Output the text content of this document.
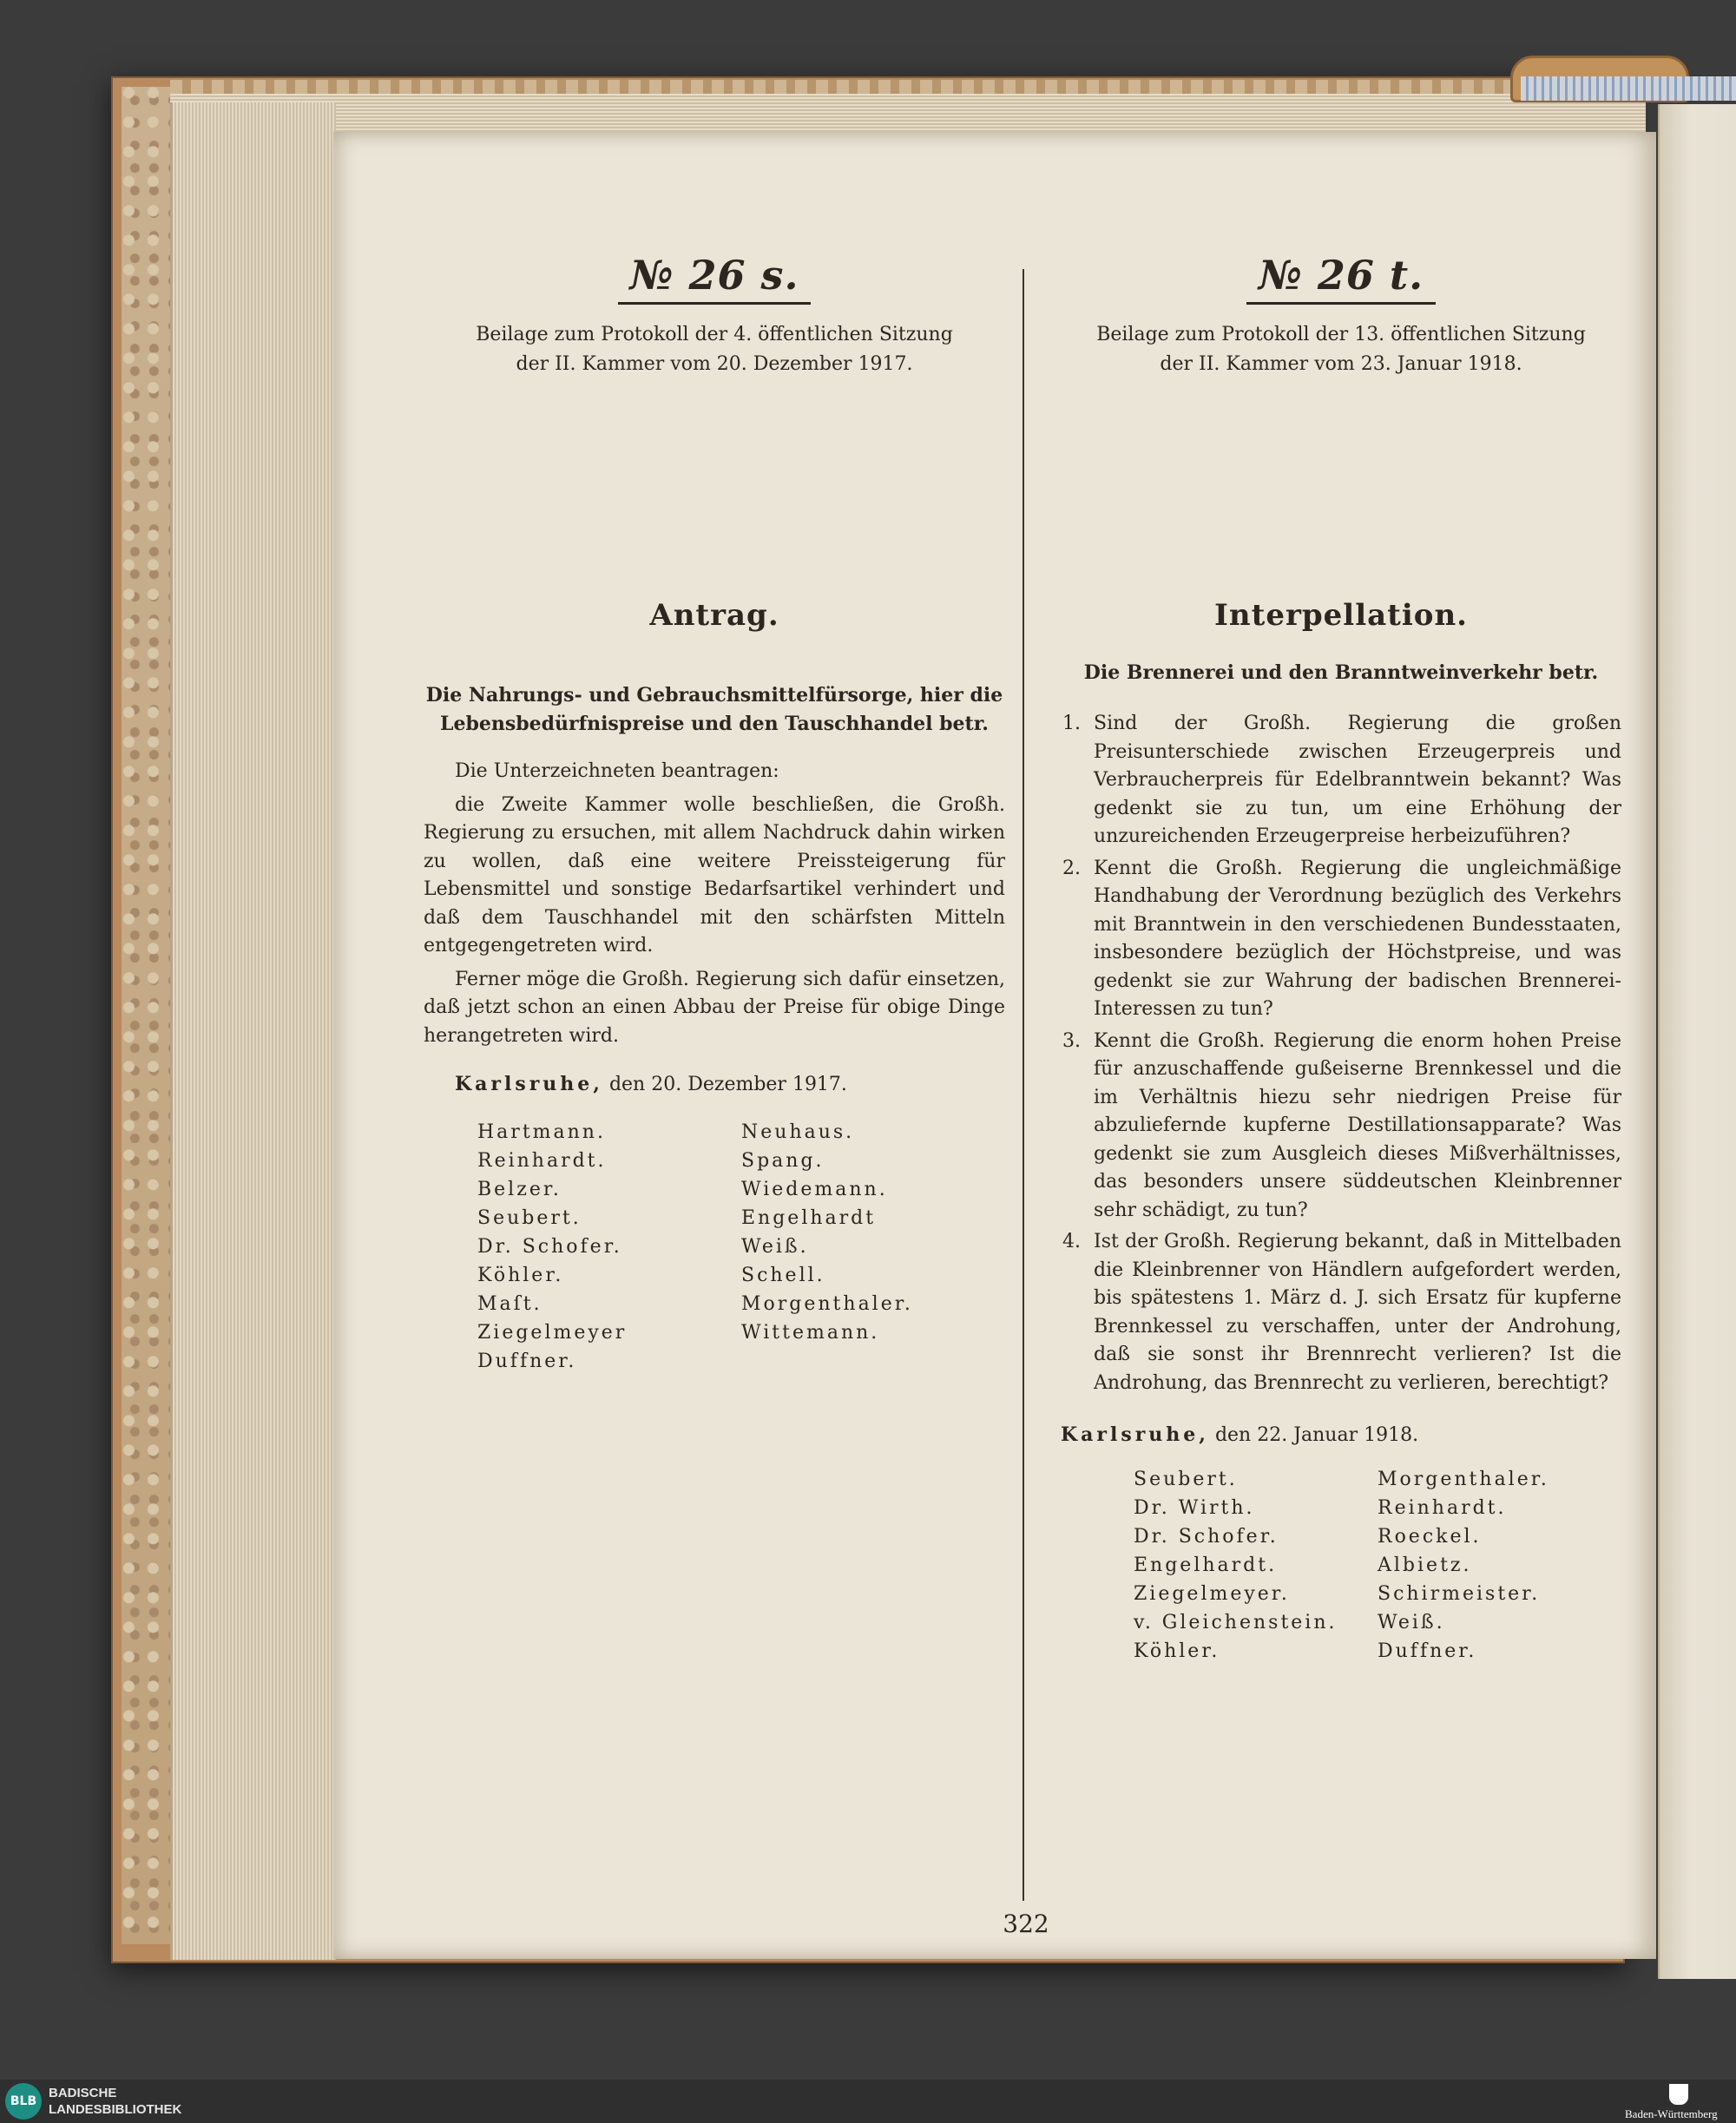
№ 26 s.
Beilage zum Protokoll der 4. öffentlichen Sitzung
der II. Kammer vom 20. Dezember 1917.
Antrag.
Die Nahrungs- und Gebrauchsmittelfürsorge, hier die Lebensbedürfnispreise und den Tauschhandel betr.
Die Unterzeichneten beantragen:
die Zweite Kammer wolle beschließen, die Großh. Regierung zu ersuchen, mit allem Nachdruck dahin wirken zu wollen, daß eine weitere Preissteigerung für Lebensmittel und sonstige Bedarfsartikel verhindert und daß dem Tauschhandel mit den schärfsten Mitteln entgegengetreten wird.
Ferner möge die Großh. Regierung sich dafür einsetzen, daß jetzt schon an einen Abbau der Preise für obige Dinge herangetreten wird.
Karlsruhe, den 20. Dezember 1917.
Hartmann.	Neuhaus.
Reinhardt.	Spang.
Belzer.	Wiedemann.
Seubert.	Engelhardt
Dr. Schofer.	Weiß.
Köhler.	Schell.
Maſt.	Morgenthaler.
Ziegelmeyer	Wittemann.
Duffner.
№ 26 t.
Beilage zum Protokoll der 13. öffentlichen Sitzung
der II. Kammer vom 23. Januar 1918.
Interpellation.
Die Brennerei und den Branntweinverkehr betr.
1. Sind der Großh. Regierung die großen Preisunterschiede zwischen Erzeugerpreis und Verbraucherpreis für Edelbranntwein bekannt? Was gedenkt sie zu tun, um eine Erhöhung der unzureichenden Erzeugerpreise herbeizuführen?
2. Kennt die Großh. Regierung die ungleichmäßige Handhabung der Verordnung bezüglich des Verkehrs mit Branntwein in den verschiedenen Bundesstaaten, insbesondere bezüglich der Höchstpreise, und was gedenkt sie zur Wahrung der badischen Brennerei-Interessen zu tun?
3. Kennt die Großh. Regierung die enorm hohen Preise für anzuschaffende gußeiserne Brennkessel und die im Verhältnis hiezu sehr niedrigen Preise für abzuliefernde kupferne Destillationsapparate? Was gedenkt sie zum Ausgleich dieses Mißverhältnisses, das besonders unsere süddeutschen Kleinbrenner sehr schädigt, zu tun?
4. Ist der Großh. Regierung bekannt, daß in Mittelbaden die Kleinbrenner von Händlern aufgefordert werden, bis spätestens 1. März d. J. sich Ersatz für kupferne Brennkessel zu verschaffen, unter der Androhung, daß sie sonst ihr Brennrecht verlieren? Ist die Androhung, das Brennrecht zu verlieren, berechtigt?
Karlsruhe, den 22. Januar 1918.
Seubert.	Morgenthaler.
Dr. Wirth.	Reinhardt.
Dr. Schofer.	Roeckel.
Engelhardt.	Albietz.
Ziegelmeyer.	Schirmeister.
v. Gleichenstein.	Weiß.
Köhler.	Duffner.
322
BLB
BADISCHE
LANDESBIBLIOTHEK	Baden-Württemberg
